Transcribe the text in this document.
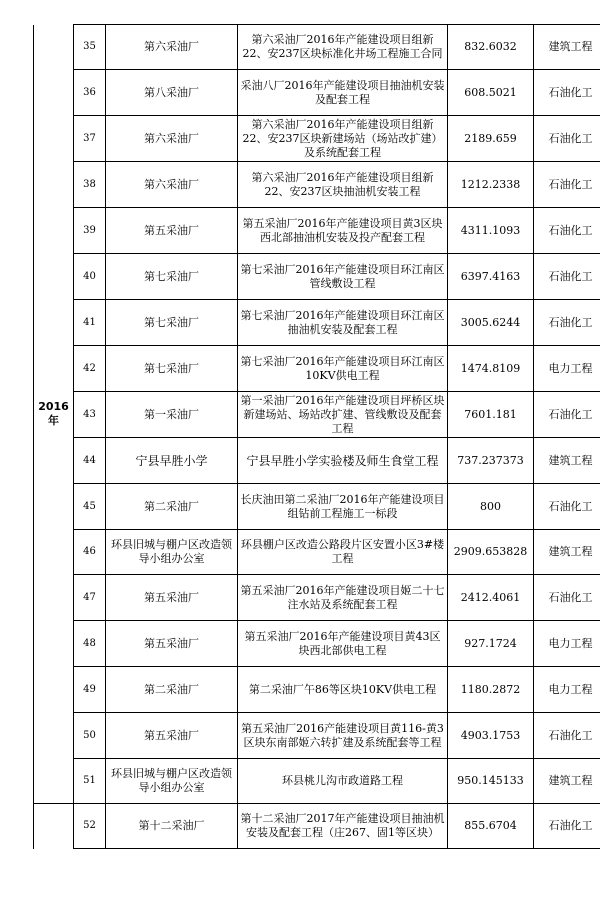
2016年	35	第六采油厂	第六采油厂2016年产能建设项目组新22、安237区块标准化井场工程施工合同	832.6032	建筑工程
	36	第八采油厂	采油八厂2016年产能建设项目抽油机安装及配套工程	608.5021	石油化工
	37	第六采油厂	第六采油厂2016年产能建设项目组新22、安237区块新建场站（场站改扩建）及系统配套工程	2189.659	石油化工
	38	第六采油厂	第六采油厂2016年产能建设项目组新22、安237区块抽油机安装工程	1212.2338	石油化工
	39	第五采油厂	第五采油厂2016年产能建设项目黄3区块西北部抽油机安装及投产配套工程	4311.1093	石油化工
	40	第七采油厂	第七采油厂2016年产能建设项目环江南区管线敷设工程	6397.4163	石油化工
	41	第七采油厂	第七采油厂2016年产能建设项目环江南区抽油机安装及配套工程	3005.6244	石油化工
	42	第七采油厂	第七采油厂2016年产能建设项目环江南区10KV供电工程	1474.8109	电力工程
	43	第一采油厂	第一采油厂2016年产能建设项目坪桥区块新建场站、场站改扩建、管线敷设及配套工程	7601.181	石油化工
	44	宁县早胜小学	宁县早胜小学实验楼及师生食堂工程	737.237373	建筑工程
	45	第二采油厂	长庆油田第二采油厂2016年产能建设项目组钻前工程施工一标段	800	石油化工
	46	环县旧城与棚户区改造领导小组办公室	环县棚户区改造公路段片区安置小区3#楼工程	2909.653828	建筑工程
	47	第五采油厂	第五采油厂2016年产能建设项目姬二十七注水站及系统配套工程	2412.4061	石油化工
	48	第五采油厂	第五采油厂2016年产能建设项目黄43区块西北部供电工程	927.1724	电力工程
	49	第二采油厂	第二采油厂午86等区块10KV供电工程	1180.2872	电力工程
	50	第五采油厂	第五采油厂2016产能建设项目黄116-黄3区块东南部姬六转扩建及系统配套等工程	4903.1753	石油化工
	51	环县旧城与棚户区改造领导小组办公室	环县桃儿沟市政道路工程	950.145133	建筑工程
	52	第十二采油厂	第十二采油厂2017年产能建设项目抽油机安装及配套工程（庄267、固1等区块）	855.6704	石油化工
